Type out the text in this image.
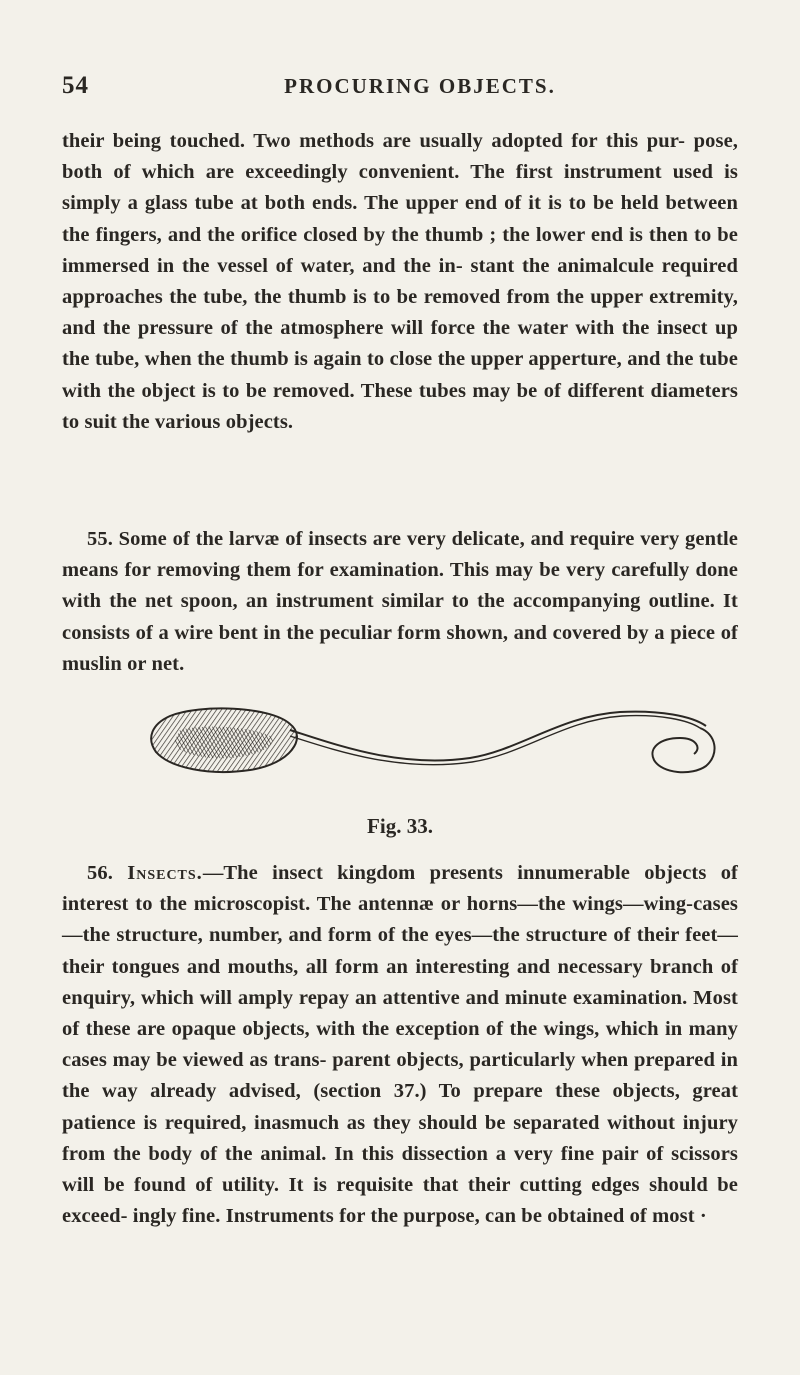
54	PROCURING OBJECTS.

their being touched. Two methods are usually adopted for this pur- pose, both of which are exceedingly convenient. The first instrument used is simply a glass tube at both ends. The upper end of it is to be held between the fingers, and the orifice closed by the thumb ; the lower end is then to be immersed in the vessel of water, and the in- stant the animalcule required approaches the tube, the thumb is to be removed from the upper extremity, and the pressure of the atmosphere will force the water with the insect up the tube, when the thumb is again to close the upper apperture, and the tube with the object is to be removed. These tubes may be of different diameters to suit the various objects.

55. Some of the larvæ of insects are very delicate, and require very gentle means for removing them for examination. This may be very carefully done with the net spoon, an instrument similar to the accompanying outline. It consists of a wire bent in the peculiar form shown, and covered by a piece of muslin or net.

Fig. 33.

56. Insects.—The insect kingdom presents innumerable objects of interest to the microscopist. The antennæ or horns—the wings—wing-cases—the structure, number, and form of the eyes—the structure of their feet—their tongues and mouths, all form an interesting and necessary branch of enquiry, which will amply repay an attentive and minute examination. Most of these are opaque objects, with the exception of the wings, which in many cases may be viewed as trans- parent objects, particularly when prepared in the way already advised, (section 37.) To prepare these objects, great patience is required, inasmuch as they should be separated without injury from the body of the animal. In this dissection a very fine pair of scissors will be found of utility. It is requisite that their cutting edges should be exceed- ingly fine. Instruments for the purpose, can be obtained of most ·
